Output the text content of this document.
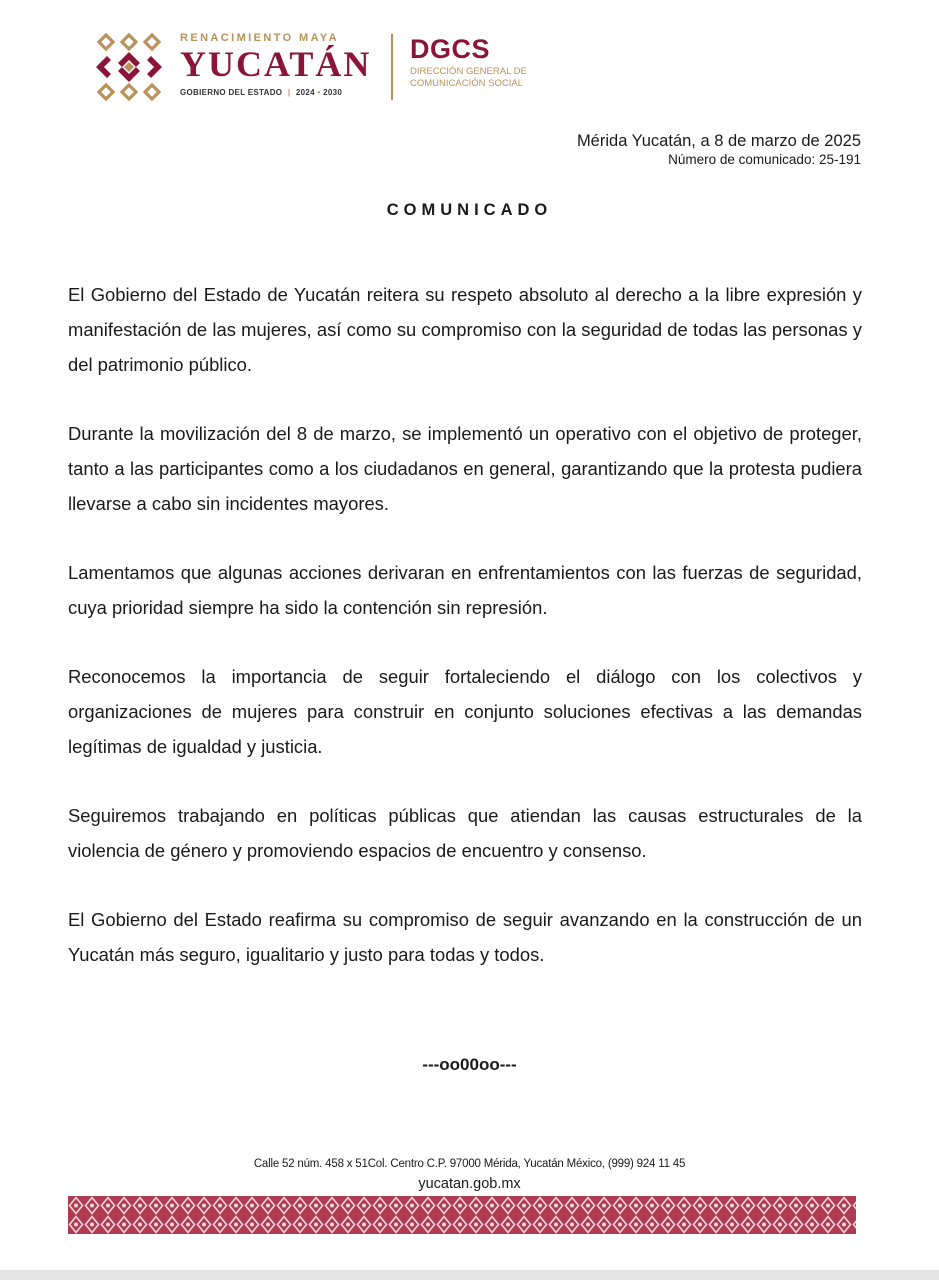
RENACIMIENTO MAYA
YUCATÁN
GOBIERNO DEL ESTADO | 2024 • 2030
DGCS
DIRECCIÓN GENERAL DE
COMUNICACIÓN SOCIAL
Mérida Yucatán, a 8 de marzo de 2025
Número de comunicado: 25-191
COMUNICADO

El Gobierno del Estado de Yucatán reitera su respeto absoluto al derecho a la libre expresión y manifestación de las mujeres, así como su compromiso con la seguridad de todas las personas y del patrimonio público.

Durante la movilización del 8 de marzo, se implementó un operativo con el objetivo de proteger, tanto a las participantes como a los ciudadanos en general, garantizando que la protesta pudiera llevarse a cabo sin incidentes mayores.

Lamentamos que algunas acciones derivaran en enfrentamientos con las fuerzas de seguridad, cuya prioridad siempre ha sido la contención sin represión.

Reconocemos la importancia de seguir fortaleciendo el diálogo con los colectivos y organizaciones de mujeres para construir en conjunto soluciones efectivas a las demandas legítimas de igualdad y justicia.

Seguiremos trabajando en políticas públicas que atiendan las causas estructurales de la violencia de género y promoviendo espacios de encuentro y consenso.

El Gobierno del Estado reafirma su compromiso de seguir avanzando en la construcción de un Yucatán más seguro, igualitario y justo para todas y todos.

---oo00oo---
Calle 52 núm. 458 x 51Col. Centro C.P. 97000 Mérida, Yucatán México, (999) 924 11 45
yucatan.gob.mx
